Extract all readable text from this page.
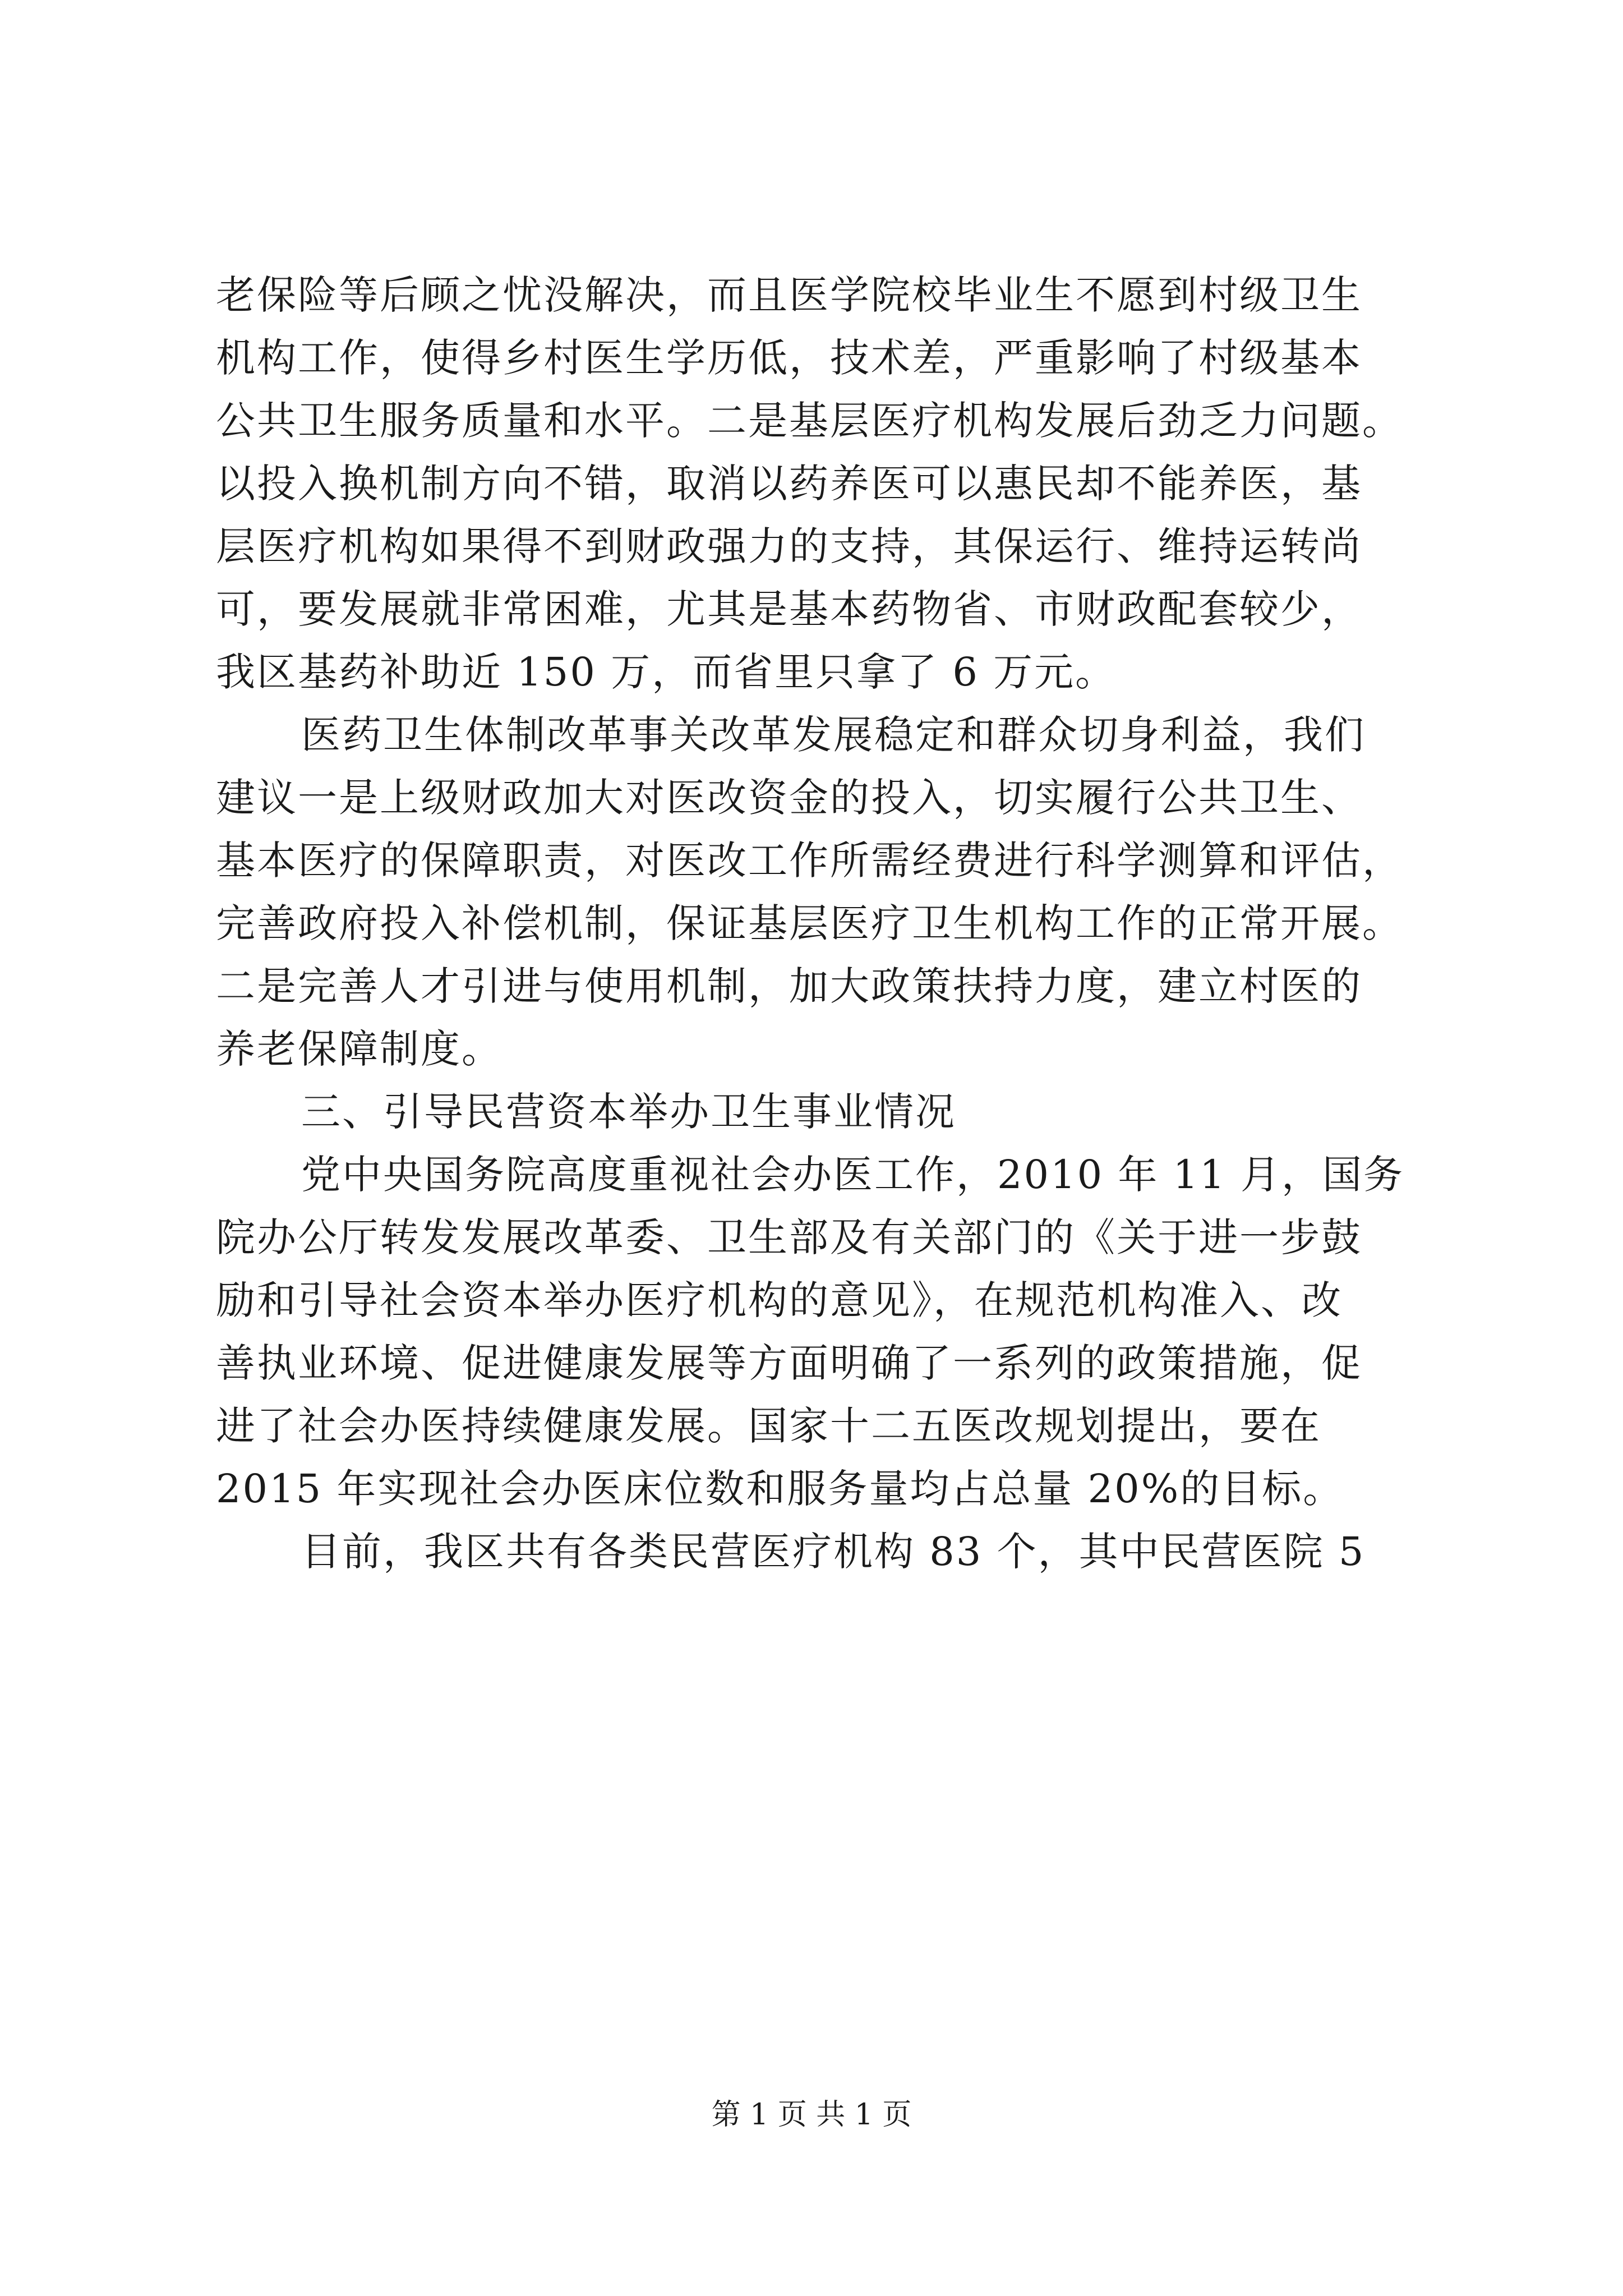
老保险等后顾之忧没解决，而且医学院校毕业生不愿到村级卫生
机构工作，使得乡村医生学历低，技术差，严重影响了村级基本
公共卫生服务质量和水平。二是基层医疗机构发展后劲乏力问题。
以投入换机制方向不错，取消以药养医可以惠民却不能养医，基
层医疗机构如果得不到财政强力的支持，其保运行、维持运转尚
可，要发展就非常困难，尤其是基本药物省、市财政配套较少，
我区基药补助近 150 万，而省里只拿了 6 万元。
医药卫生体制改革事关改革发展稳定和群众切身利益，我们
建议一是上级财政加大对医改资金的投入，切实履行公共卫生、
基本医疗的保障职责，对医改工作所需经费进行科学测算和评估，
完善政府投入补偿机制，保证基层医疗卫生机构工作的正常开展。
二是完善人才引进与使用机制，加大政策扶持力度，建立村医的
养老保障制度。
三、引导民营资本举办卫生事业情况
党中央国务院高度重视社会办医工作，2010 年 11 月，国务
院办公厅转发发展改革委、卫生部及有关部门的《关于进一步鼓
励和引导社会资本举办医疗机构的意见》，在规范机构准入、改
善执业环境、促进健康发展等方面明确了一系列的政策措施，促
进了社会办医持续健康发展。国家十二五医改规划提出，要在
2015 年实现社会办医床位数和服务量均占总量 20%的目标。
目前，我区共有各类民营医疗机构 83 个，其中民营医院 5
第 1 页 共 1 页
